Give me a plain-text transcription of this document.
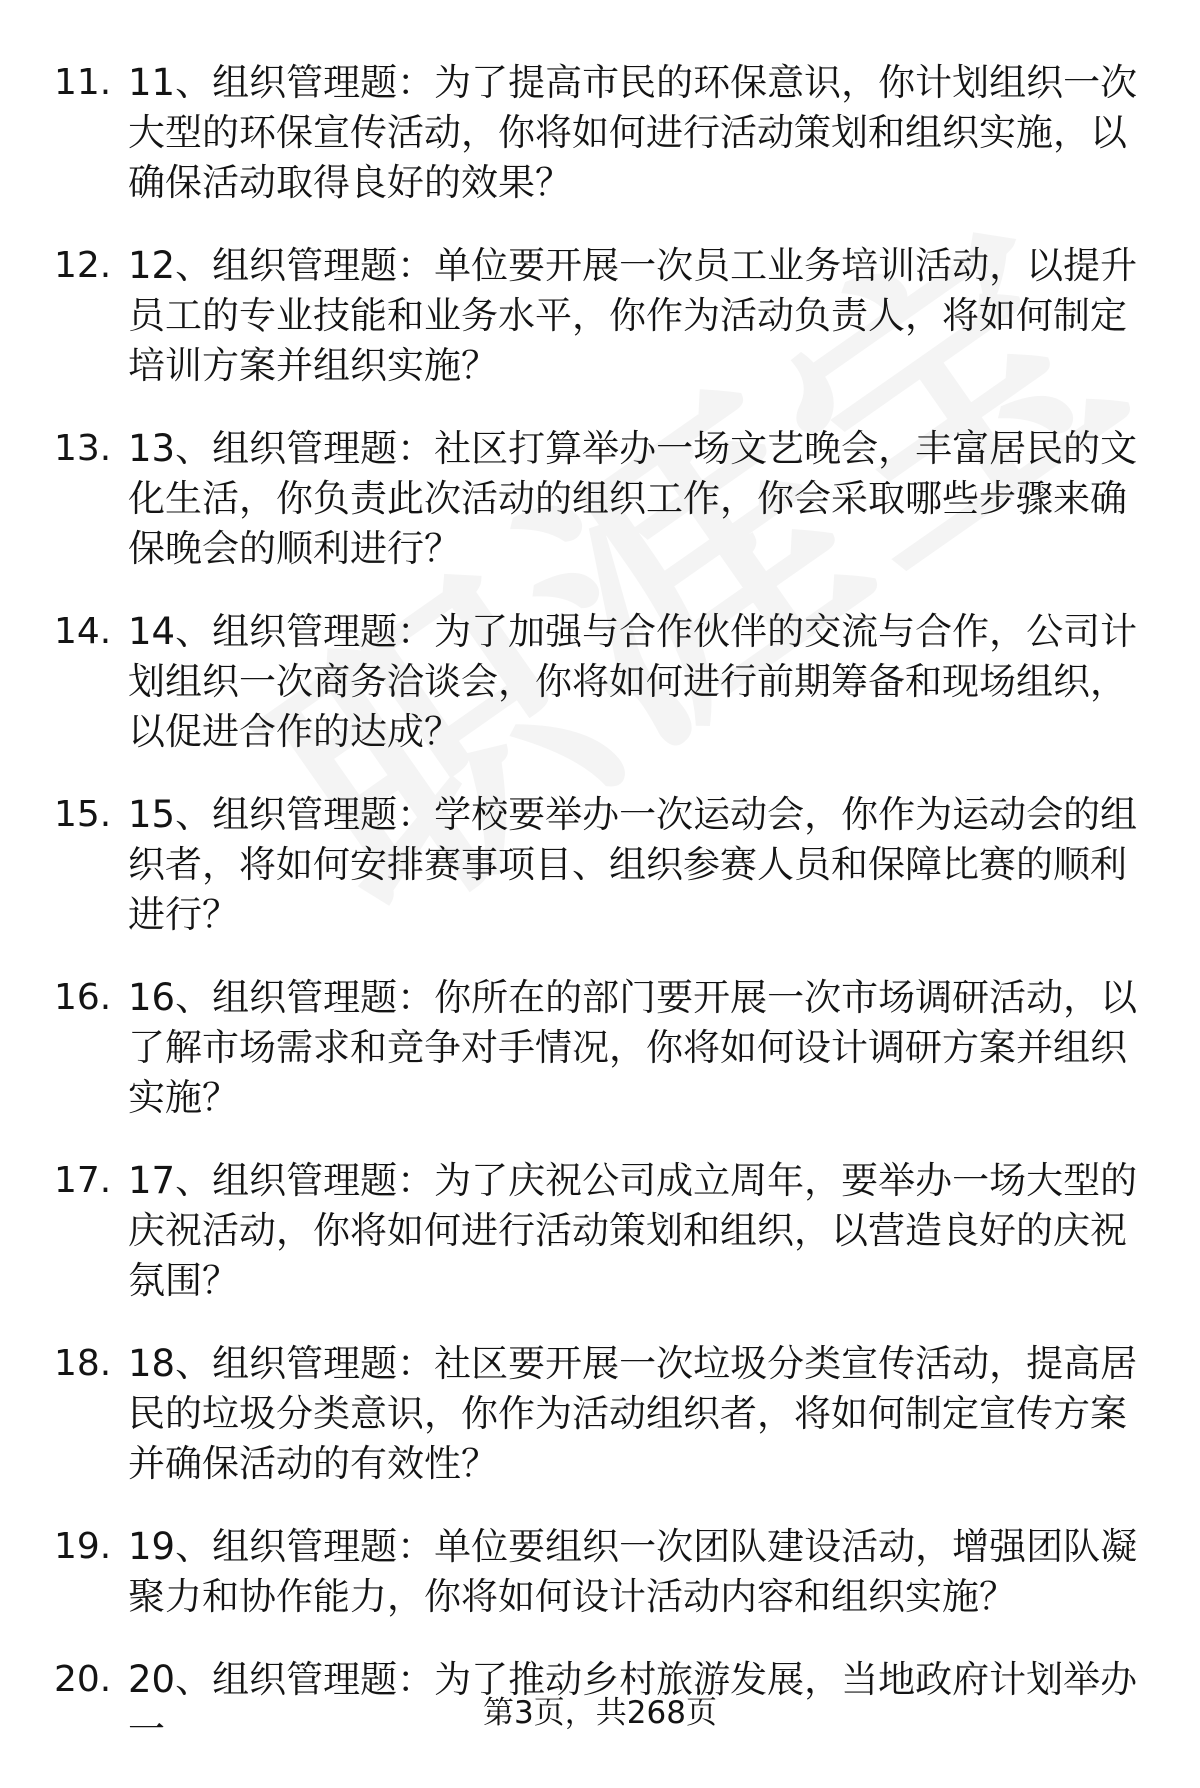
11. 11、组织管理题：为了提高市民的环保意识，你计划组织一次大型的环保宣传活动，你将如何进行活动策划和组织实施，以确保活动取得良好的效果？
12. 12、组织管理题：单位要开展一次员工业务培训活动，以提升员工的专业技能和业务水平，你作为活动负责人，将如何制定培训方案并组织实施？
13. 13、组织管理题：社区打算举办一场文艺晚会，丰富居民的文化生活，你负责此次活动的组织工作，你会采取哪些步骤来确保晚会的顺利进行？
14. 14、组织管理题：为了加强与合作伙伴的交流与合作，公司计划组织一次商务洽谈会，你将如何进行前期筹备和现场组织，以促进合作的达成？
15. 15、组织管理题：学校要举办一次运动会，你作为运动会的组织者，将如何安排赛事项目、组织参赛人员和保障比赛的顺利进行？
16. 16、组织管理题：你所在的部门要开展一次市场调研活动，以了解市场需求和竞争对手情况，你将如何设计调研方案并组织实施？
17. 17、组织管理题：为了庆祝公司成立周年，要举办一场大型的庆祝活动，你将如何进行活动策划和组织，以营造良好的庆祝氛围？
18. 18、组织管理题：社区要开展一次垃圾分类宣传活动，提高居民的垃圾分类意识，你作为活动组织者，将如何制定宣传方案并确保活动的有效性？
19. 19、组织管理题：单位要组织一次团队建设活动，增强团队凝聚力和协作能力，你将如何设计活动内容和组织实施？
20. 20、组织管理题：为了推动乡村旅游发展，当地政府计划举办一	第3页，共268页
